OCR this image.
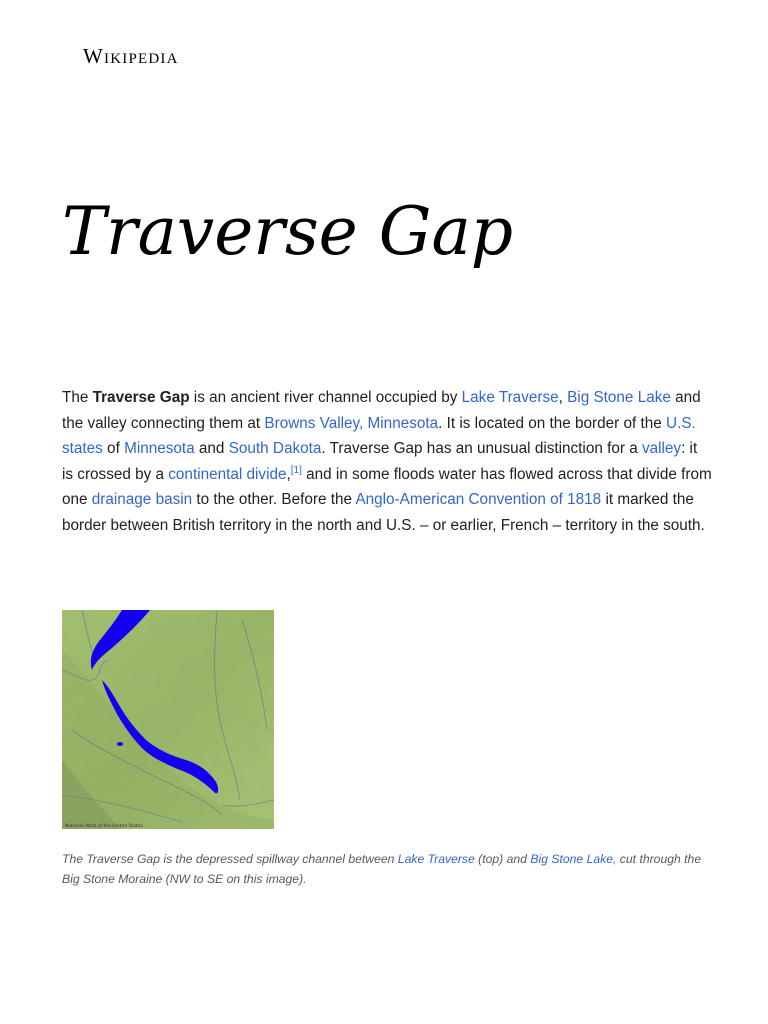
Wikipedia
Traverse Gap

The Traverse Gap is an ancient river channel occupied by Lake Traverse, Big Stone Lake and the valley connecting them at Browns Valley, Minnesota. It is located on the border of the U.S. states of Minnesota and South Dakota. Traverse Gap has an unusual distinction for a valley: it is crossed by a continental divide,[1] and in some floods water has flowed across that divide from one drainage basin to the other. Before the Anglo-American Convention of 1818 it marked the border between British territory in the north and U.S. – or earlier, French – territory in the south.

National Atlas of the United States

The Traverse Gap is the depressed spillway channel between Lake Traverse (top) and Big Stone Lake, cut through the Big Stone Moraine (NW to SE on this image).
